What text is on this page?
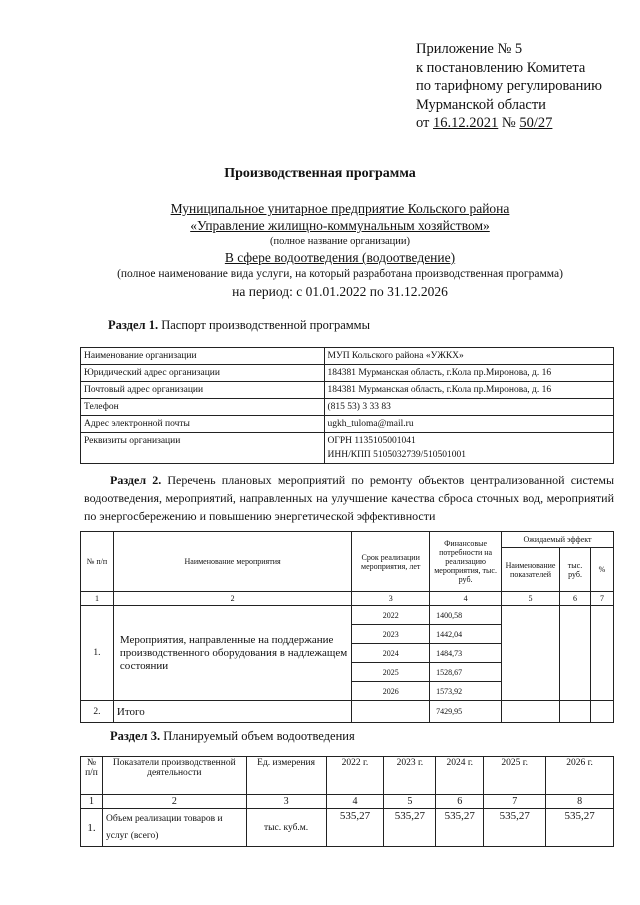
Приложение № 5
к постановлению Комитета
по тарифному регулированию
Мурманской области
от 16.12.2021 № 50/27
Производственная программа
Муниципальное унитарное предприятие Кольского района
«Управление жилищно-коммунальным хозяйством»
(полное название организации)
В сфере водоотведения (водоотведение)
(полное наименование вида услуги, на который разработана производственная программа)
на период: с 01.01.2022 по 31.12.2026
Раздел 1. Паспорт производственной программы
Наименование организации	МУП Кольского района «УЖКХ»
Юридический адрес организации	184381 Мурманская область, г.Кола пр.Миронова, д. 16
Почтовый адрес организации	184381 Мурманская область, г.Кола пр.Миронова, д. 16
Телефон	(815 53) 3 33 83
Адрес электронной почты	ugkh_tuloma@mail.ru
Реквизиты организации	ОГРН 1135105001041
ИНН/КПП 5105032739/510501001
Раздел 2. Перечень плановых мероприятий по ремонту объектов централизованной системы водоотведения, мероприятий, направленных на улучшение качества сброса сточных вод, мероприятий по энергосбережению и повышению энергетической эффективности
№ п/п	Наименование мероприятия	Срок реализации мероприятия, лет	Финансовые потребности на реализацию мероприятия, тыс. руб.	Ожидаемый эффект		
				Наименование показателей	тыс. руб.	%
1	2	3	4	5	6	7
1.	Мероприятия, направленные на поддержание производственного оборудования в надлежащем состоянии	2022	1400,58			
		2023	1442,04			
		2024	1484,73			
		2025	1528,67			
		2026	1573,92			
2.	Итого		7429,95			
Раздел 3. Планируемый объем водоотведения
№ п/п	Показатели производственной деятельности	Ед. измерения	2022 г.	2023 г.	2024 г.	2025 г.	2026 г.
1	2	3	4	5	6	7	8
1.	Объем реализации товаров и услуг (всего)	тыс. куб.м.	535,27	535,27	535,27	535,27	535,27
